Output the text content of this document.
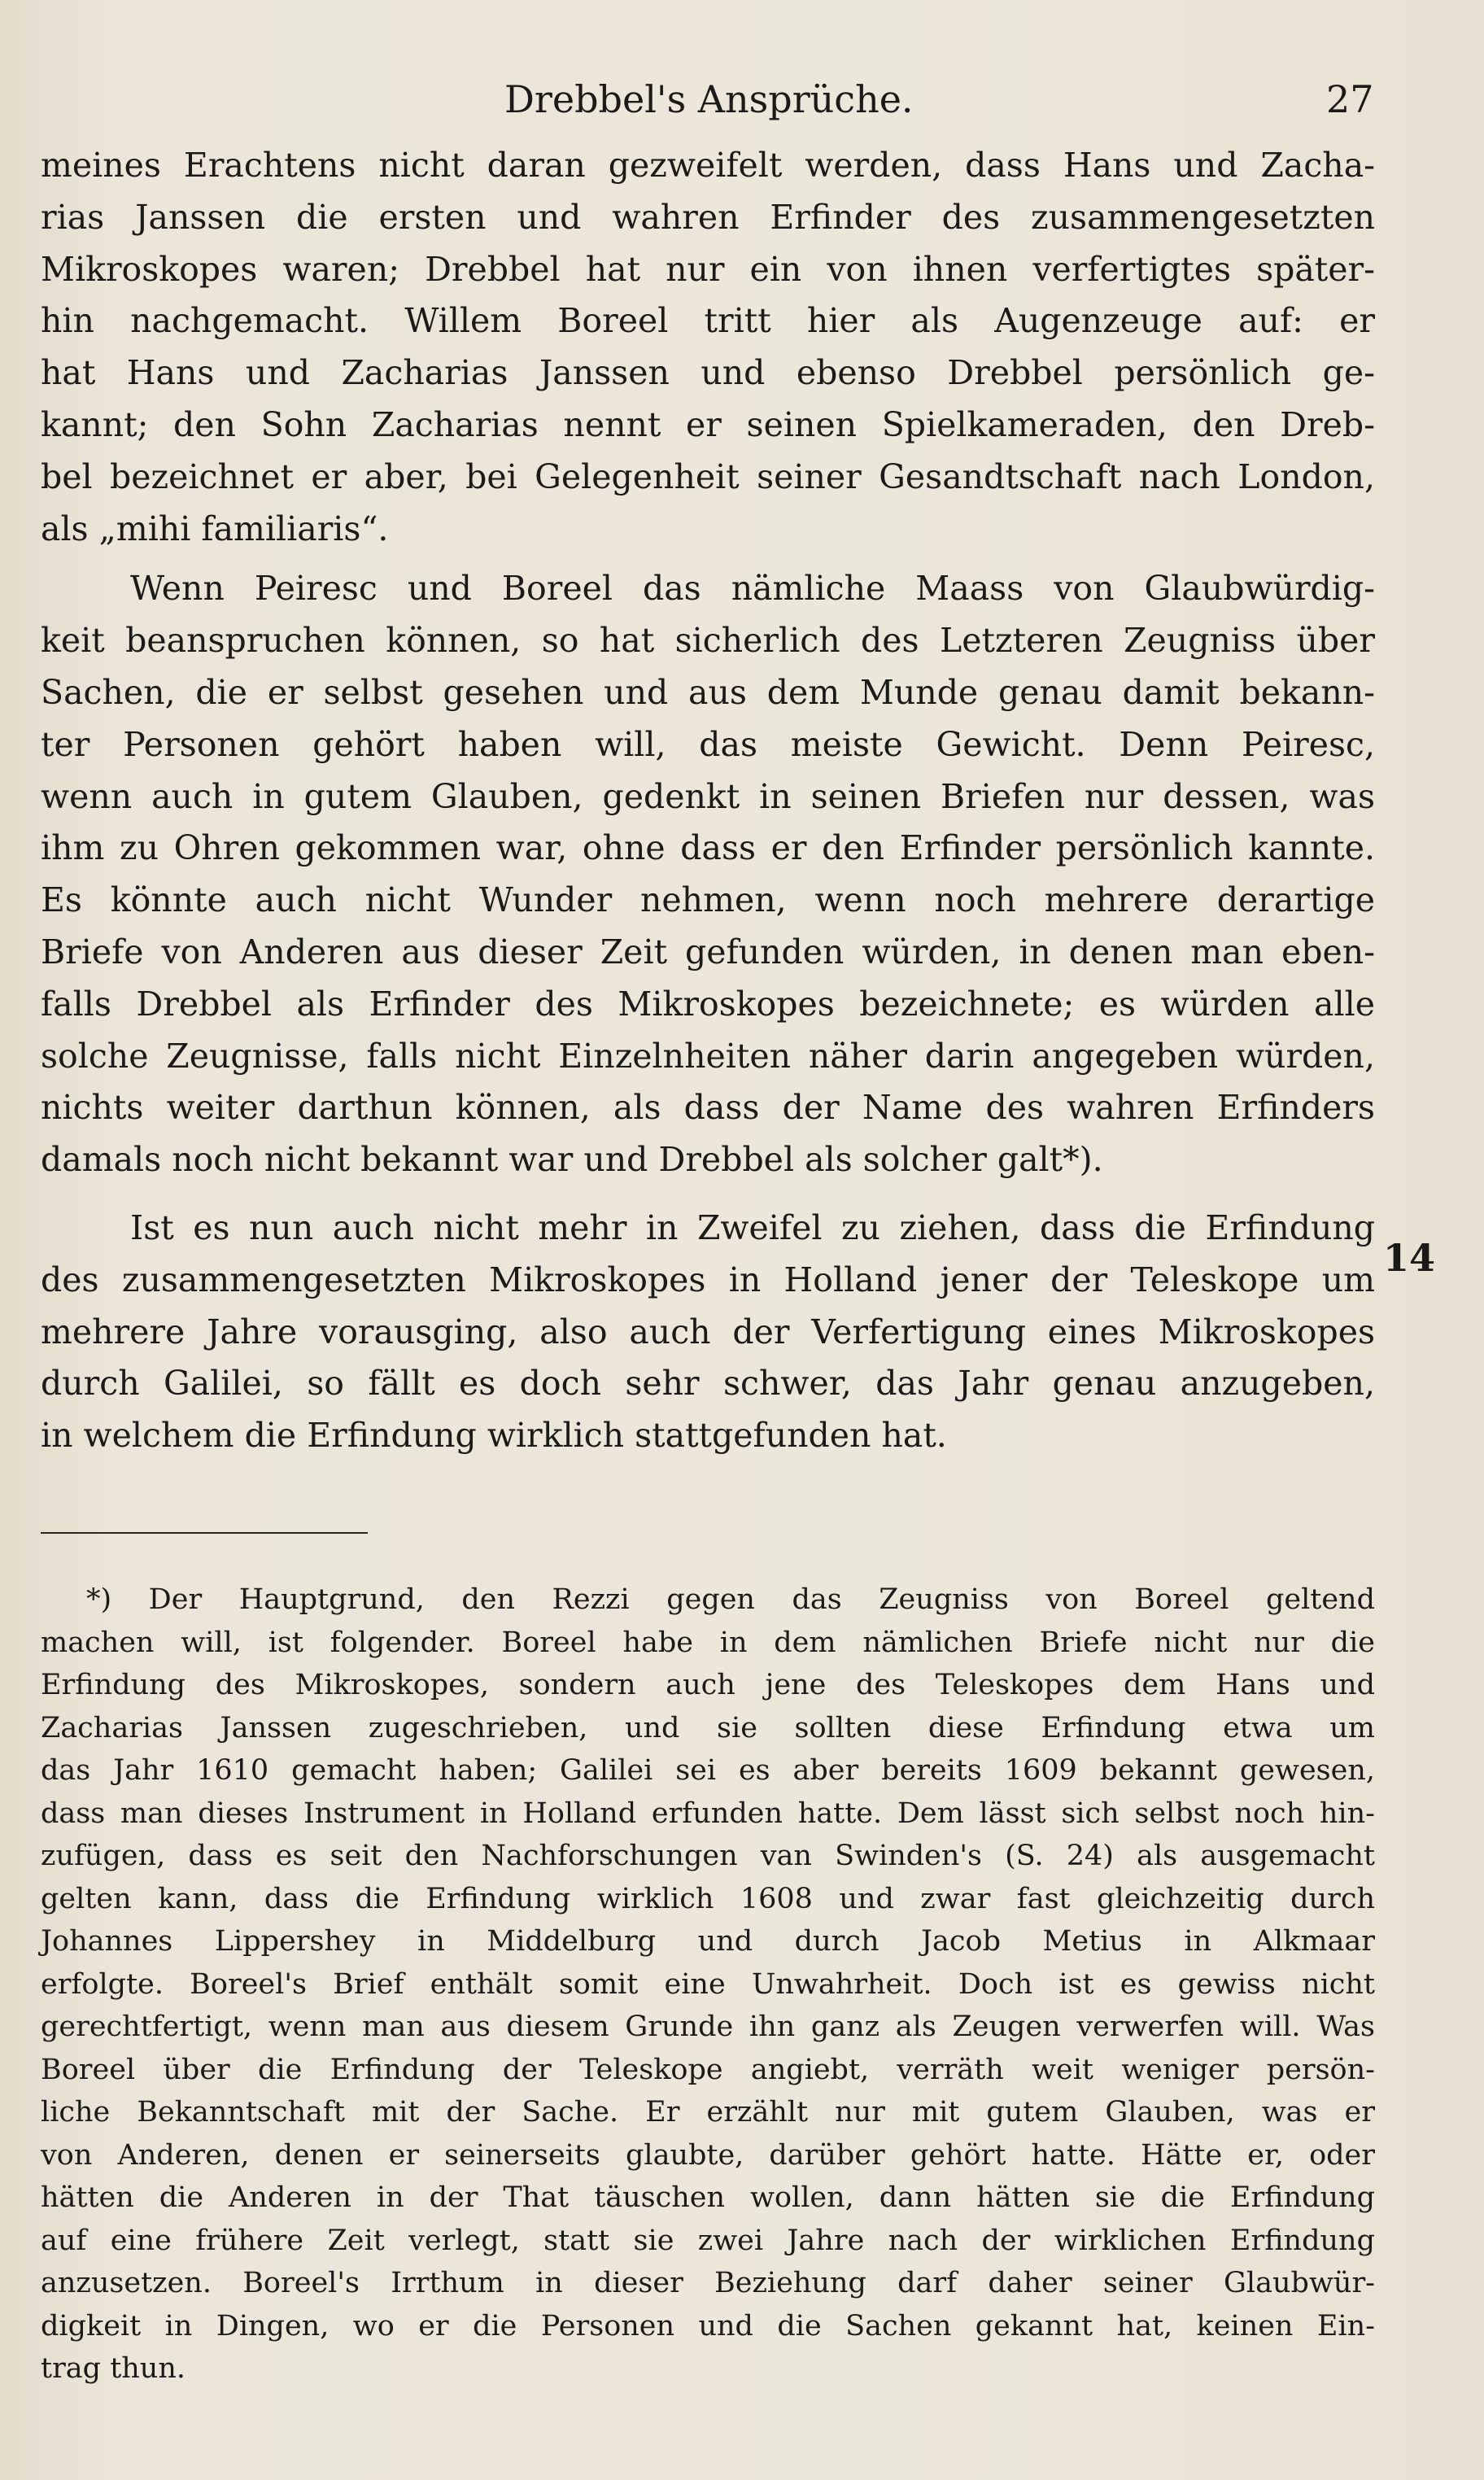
Drebbel's Ansprüche.	27

meines Erachtens nicht daran gezweifelt werden, dass Hans und Zacha-
rias Janssen die ersten und wahren Erfinder des zusammengesetzten
Mikroskopes waren; Drebbel hat nur ein von ihnen verfertigtes später-
hin nachgemacht. Willem Boreel tritt hier als Augenzeuge auf: er
hat Hans und Zacharias Janssen und ebenso Drebbel persönlich ge-
kannt; den Sohn Zacharias nennt er seinen Spielkameraden, den Dreb-
bel bezeichnet er aber, bei Gelegenheit seiner Gesandtschaft nach London,
als „mihi familiaris“.

Wenn Peiresc und Boreel das nämliche Maass von Glaubwürdig-
keit beanspruchen können, so hat sicherlich des Letzteren Zeugniss über
Sachen, die er selbst gesehen und aus dem Munde genau damit bekann-
ter Personen gehört haben will, das meiste Gewicht. Denn Peiresc,
wenn auch in gutem Glauben, gedenkt in seinen Briefen nur dessen, was
ihm zu Ohren gekommen war, ohne dass er den Erfinder persönlich kannte.
Es könnte auch nicht Wunder nehmen, wenn noch mehrere derartige
Briefe von Anderen aus dieser Zeit gefunden würden, in denen man eben-
falls Drebbel als Erfinder des Mikroskopes bezeichnete; es würden alle
solche Zeugnisse, falls nicht Einzelnheiten näher darin angegeben würden,
nichts weiter darthun können, als dass der Name des wahren Erfinders
damals noch nicht bekannt war und Drebbel als solcher galt*).

Ist es nun auch nicht mehr in Zweifel zu ziehen, dass die Erfindung
des zusammengesetzten Mikroskopes in Holland jener der Teleskope um
mehrere Jahre vorausging, also auch der Verfertigung eines Mikroskopes
durch Galilei, so fällt es doch sehr schwer, das Jahr genau anzugeben,
in welchem die Erfindung wirklich stattgefunden hat.

14
*) Der Hauptgrund, den Rezzi gegen das Zeugniss von Boreel geltend
machen will, ist folgender. Boreel habe in dem nämlichen Briefe nicht nur die
Erfindung des Mikroskopes, sondern auch jene des Teleskopes dem Hans und
Zacharias Janssen zugeschrieben, und sie sollten diese Erfindung etwa um
das Jahr 1610 gemacht haben; Galilei sei es aber bereits 1609 bekannt gewesen,
dass man dieses Instrument in Holland erfunden hatte. Dem lässt sich selbst noch hin-
zufügen, dass es seit den Nachforschungen van Swinden's (S. 24) als ausgemacht
gelten kann, dass die Erfindung wirklich 1608 und zwar fast gleichzeitig durch
Johannes Lippershey in Middelburg und durch Jacob Metius in Alkmaar
erfolgte. Boreel's Brief enthält somit eine Unwahrheit. Doch ist es gewiss nicht
gerechtfertigt, wenn man aus diesem Grunde ihn ganz als Zeugen verwerfen will. Was
Boreel über die Erfindung der Teleskope angiebt, verräth weit weniger persön-
liche Bekanntschaft mit der Sache. Er erzählt nur mit gutem Glauben, was er
von Anderen, denen er seinerseits glaubte, darüber gehört hatte. Hätte er, oder
hätten die Anderen in der That täuschen wollen, dann hätten sie die Erfindung
auf eine frühere Zeit verlegt, statt sie zwei Jahre nach der wirklichen Erfindung
anzusetzen. Boreel's Irrthum in dieser Beziehung darf daher seiner Glaubwür-
digkeit in Dingen, wo er die Personen und die Sachen gekannt hat, keinen Ein-
trag thun.
